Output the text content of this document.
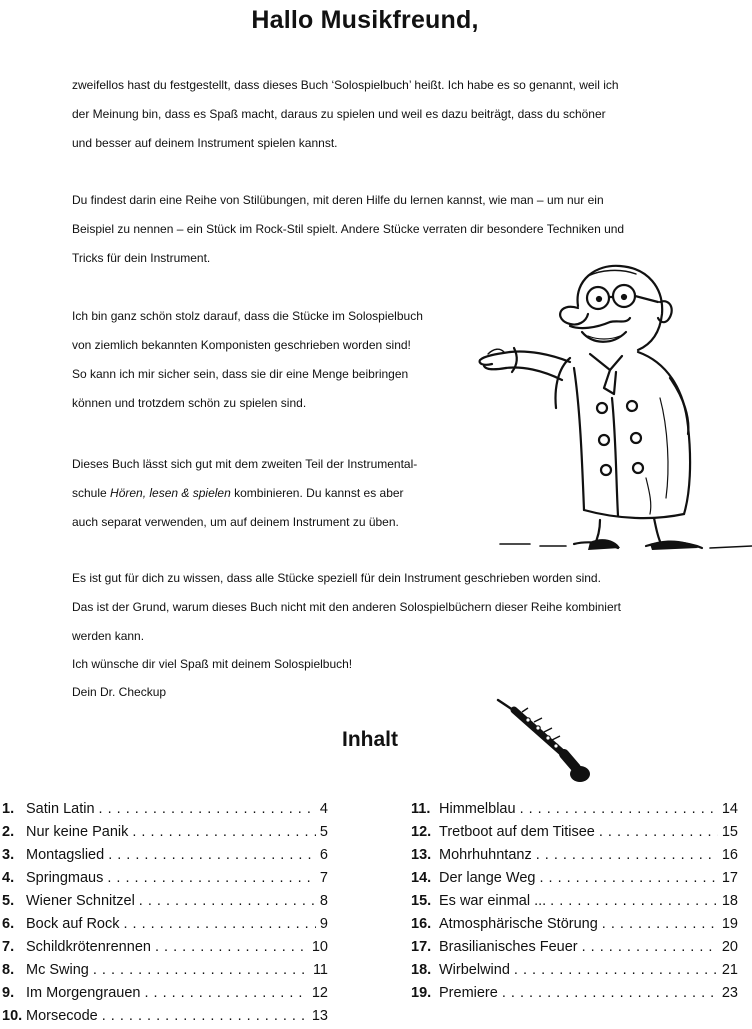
Hallo Musikfreund,
zweifellos hast du festgestellt, dass dieses Buch ‘Solospielbuch’ heißt. Ich habe es so genannt, weil ich
der Meinung bin, dass es Spaß macht, daraus zu spielen und weil es dazu beiträgt, dass du schöner
und besser auf deinem Instrument spielen kannst.
Du findest darin eine Reihe von Stilübungen, mit deren Hilfe du lernen kannst, wie man – um nur ein
Beispiel zu nennen – ein Stück im Rock-Stil spielt. Andere Stücke verraten dir besondere Techniken und
Tricks für dein Instrument.
Ich bin ganz schön stolz darauf, dass die Stücke im Solospielbuch
von ziemlich bekannten Komponisten geschrieben worden sind!
So kann ich mir sicher sein, dass sie dir eine Menge beibringen
können und trotzdem schön zu spielen sind.
Dieses Buch lässt sich gut mit dem zweiten Teil der Instrumental-
schule Hören, lesen & spielen kombinieren. Du kannst es aber
auch separat verwenden, um auf deinem Instrument zu üben.
Es ist gut für dich zu wissen, dass alle Stücke speziell für dein Instrument geschrieben worden sind.
Das ist der Grund, warum dieses Buch nicht mit den anderen Solospielbüchern dieser Reihe kombiniert
werden kann.
Ich wünsche dir viel Spaß mit deinem Solospielbuch!
Dein Dr. Checkup
Inhalt
1. Satin Latin . . .	4
2. Nur keine Panik . . .	5
3. Montagslied . . .	6
4. Springmaus . . .	7
5. Wiener Schnitzel . . .	8
6. Bock auf Rock . . .	9
7. Schildkrötenrennen . . .	10
8. Mc Swing . . .	11
9. Im Morgengrauen . . .	12
10. Morsecode . . .	13
11. Himmelblau . . .	14
12. Tretboot auf dem Titisee . . .	15
13. Mohrhuhntanz . . .	16
14. Der lange Weg . . .	17
15. Es war einmal ... . . .	18
16. Atmosphärische Störung . . .	19
17. Brasilianisches Feuer . . .	20
18. Wirbelwind . . .	21
19. Premiere . . .	23
